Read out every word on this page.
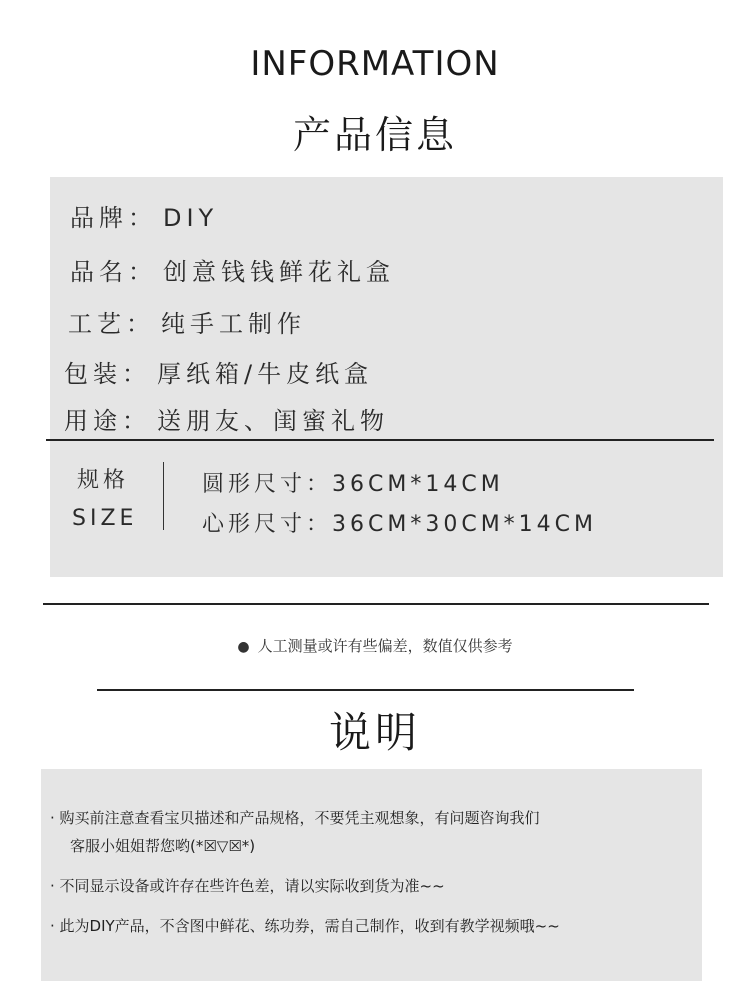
INFORMATION
产品信息
品牌： DIY
品名： 创意钱钱鲜花礼盒
工艺： 纯手工制作
包装： 厚纸箱/牛皮纸盒
用途： 送朋友、闺蜜礼物
规格
SIZE
圆形尺寸：36CM*14CM
心形尺寸：36CM*30CM*14CM
● 人工测量或许有些偏差，数值仅供参考
说明
· 购买前注意查看宝贝描述和产品规格，不要凭主观想象，有问题咨询我们
客服小姐姐帮您哟(*☒▽☒*)
· 不同显示设备或许存在些许色差，请以实际收到货为准~~
· 此为DIY产品，不含图中鲜花、练功券，需自己制作，收到有教学视频哦~~
